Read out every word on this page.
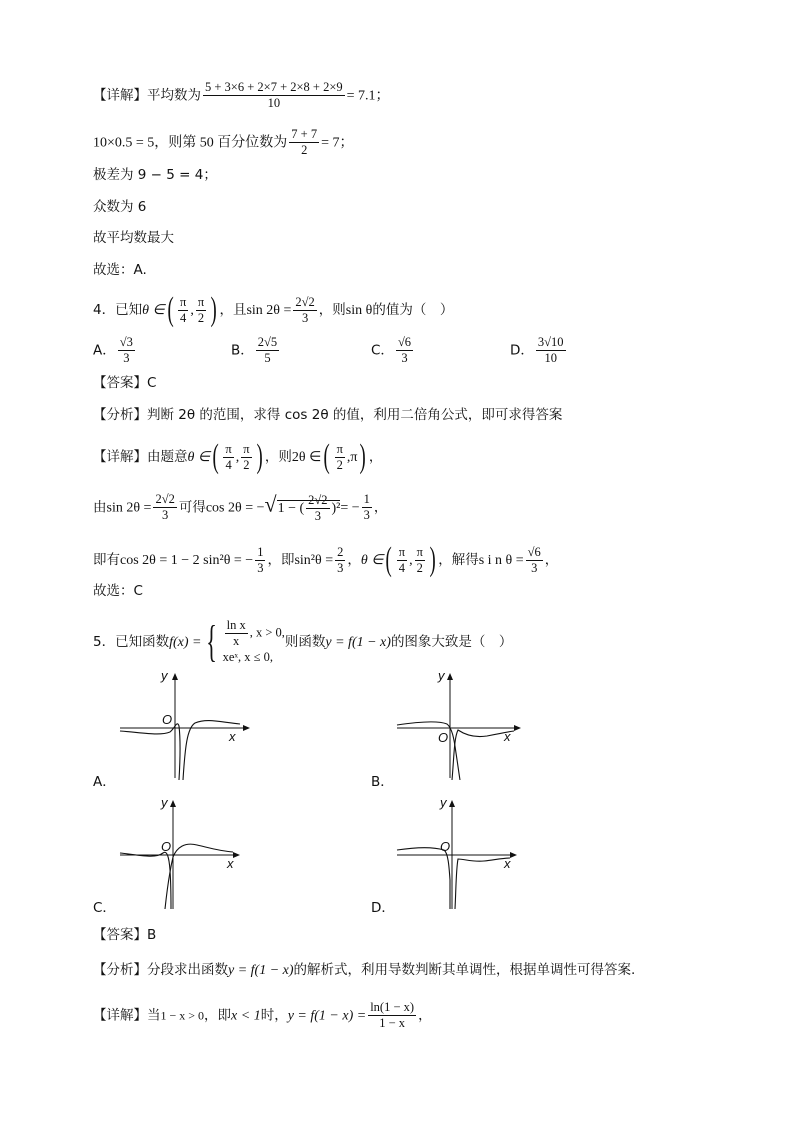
【详解】平均数为 $\frac{5 + 3\times 6 + 2\times 7 + 2\times 8 + 2\times 9}{10} = 7.1$；
10×0.5 = 5，则第 50 百分位数为 $\frac{7 + 7}{2} = 7$；
极差为 9 − 5 = 4；
众数为 6
故平均数最大
故选：A.
4．已知θ ∈( $\frac{\pi}{4}$ , $\frac{\pi}{2}$ ) ，且$\sin 2\theta = \frac{2√2}{3}$ ，则sin θ的值为（　）
A． $\frac{√3}{3}$	B． $\frac{2√5}{5}$	C． $\frac{√6}{3}$	D． $\frac{3√10}{10}$
【答案】C
【分析】判断 2θ 的范围，求得 cos 2θ 的值，利用二倍角公式，即可求得答案
【详解】由题意θ ∈( $\frac{\pi}{4}$ , $\frac{\pi}{2}$ ) ，则2θ ∈( $\frac{\pi}{2} ,\pi$) ，
由$\sin 2\theta = \frac{2√2}{3}$ 可得cos 2θ = −√1 − ( $\frac{2√2}{3} )^2= - \frac{1}{3}$ ，
即有cos 2θ = 1 − 2 sin²θ = − $\frac{1}{3}$ ，即$\sin^2\theta = \frac{2}{3}$ ，θ ∈( $\frac{\pi}{4}$ , $\frac{\pi}{2}$ ) ，解得s i n $\theta = \frac{√6}{3}$ ，
故选：C
5．已知函数f(x) = { $\frac{\text{ln x}}{x}$ , x > 0,
xeˣ, x ≤ 0,
则函数y = f(1 − x)的图象大致是（　）
y
x
O
A．
y
x
O
B．
y
x
O
C．
y
x
O
D．
【答案】B
【分析】分段求出函数y = f(1 − x)的解析式，利用导数判断其单调性，根据单调性可得答案.
【详解】当1 − x > 0，即x < 1时，$y = f(1 - x) = \frac{\ln(1 - x)}{1 - x}$ ，
